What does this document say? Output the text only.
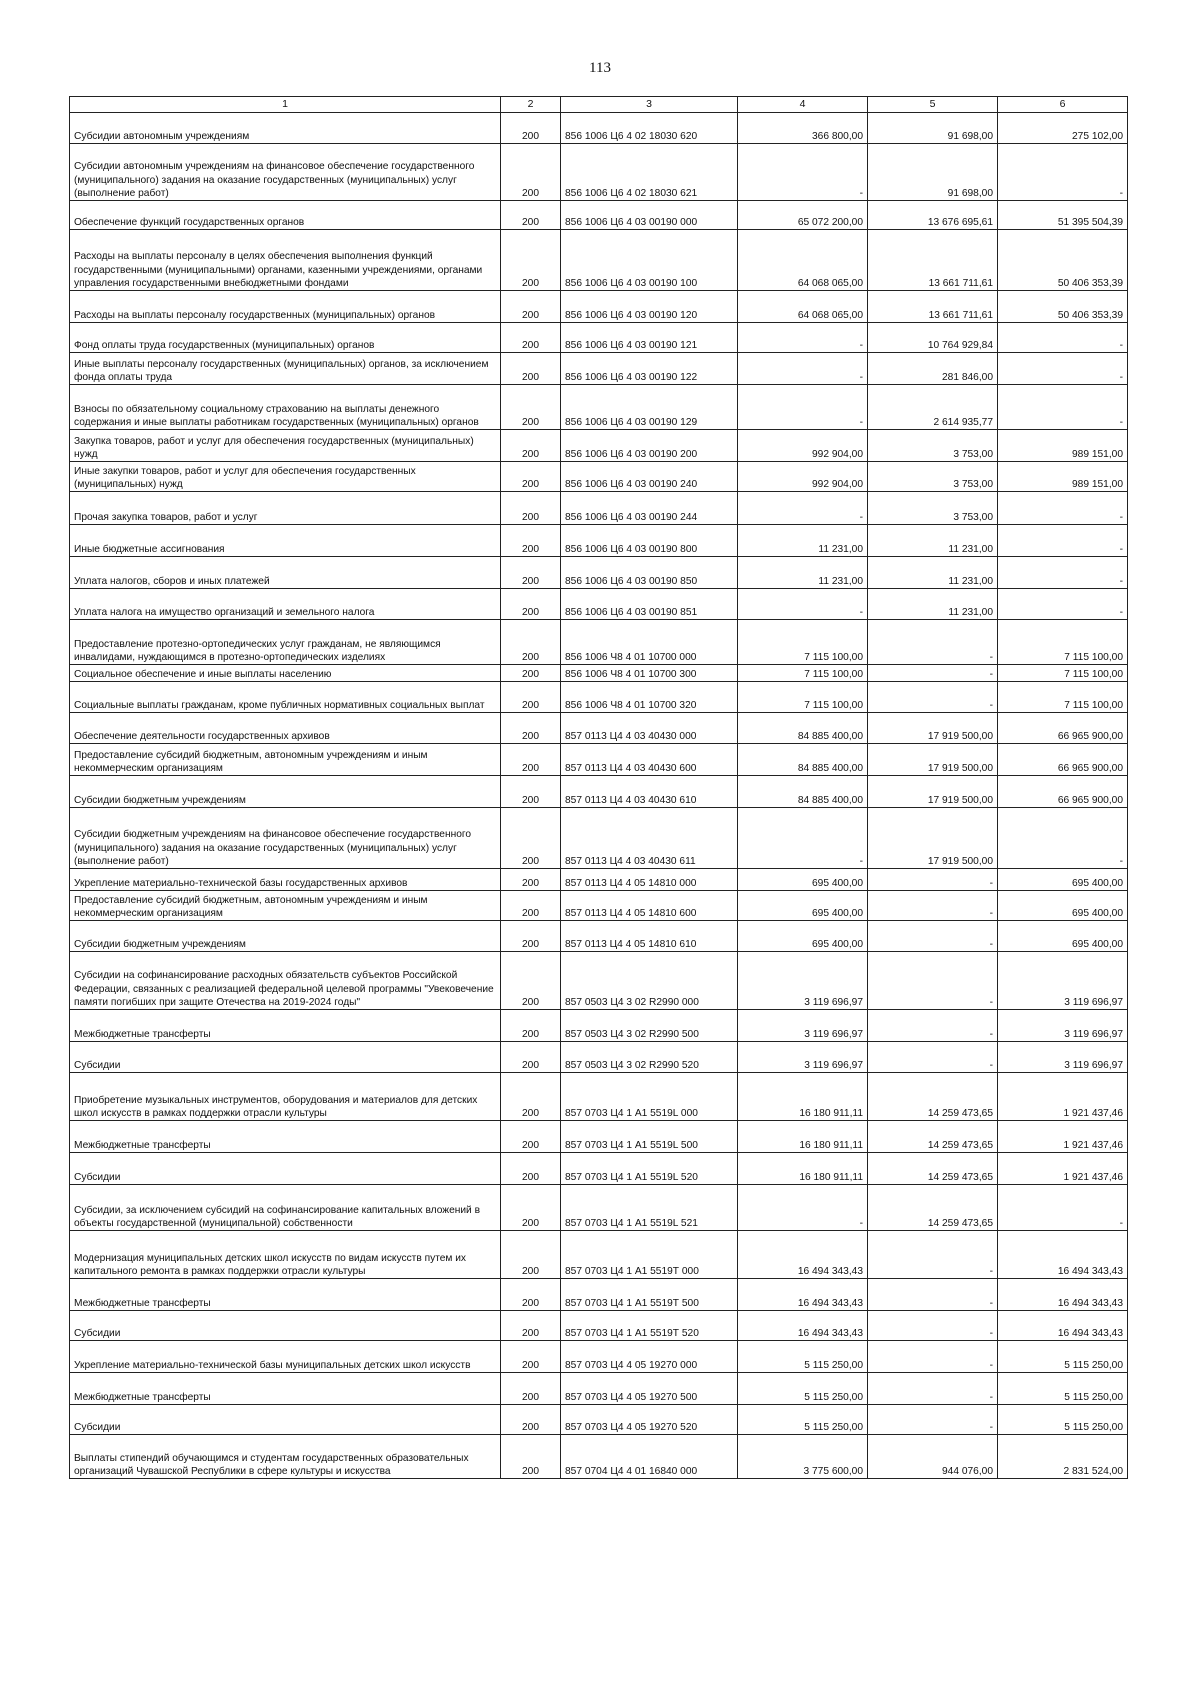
113
1	2	3	4	5	6
Субсидии автономным учреждениям	200	856 1006 Ц6 4 02 18030 620	366 800,00	91 698,00	275 102,00
Субсидии автономным учреждениям на финансовое обеспечение государственного (муниципального) задания на оказание государственных (муниципальных) услуг (выполнение работ)	200	856 1006 Ц6 4 02 18030 621	-	91 698,00	-
Обеспечение функций государственных органов	200	856 1006 Ц6 4 03 00190 000	65 072 200,00	13 676 695,61	51 395 504,39
Расходы на выплаты персоналу в целях обеспечения выполнения функций государственными (муниципальными) органами, казенными учреждениями, органами управления государственными внебюджетными фондами	200	856 1006 Ц6 4 03 00190 100	64 068 065,00	13 661 711,61	50 406 353,39
Расходы на выплаты персоналу государственных (муниципальных) органов	200	856 1006 Ц6 4 03 00190 120	64 068 065,00	13 661 711,61	50 406 353,39
Фонд оплаты труда государственных (муниципальных) органов	200	856 1006 Ц6 4 03 00190 121	-	10 764 929,84	-
Иные выплаты персоналу государственных (муниципальных) органов, за исключением фонда оплаты труда	200	856 1006 Ц6 4 03 00190 122	-	281 846,00	-
Взносы по обязательному социальному страхованию на выплаты денежного содержания и иные выплаты работникам государственных (муниципальных) органов	200	856 1006 Ц6 4 03 00190 129	-	2 614 935,77	-
Закупка товаров, работ и услуг для обеспечения государственных (муниципальных) нужд	200	856 1006 Ц6 4 03 00190 200	992 904,00	3 753,00	989 151,00
Иные закупки товаров, работ и услуг для обеспечения государственных (муниципальных) нужд	200	856 1006 Ц6 4 03 00190 240	992 904,00	3 753,00	989 151,00
Прочая закупка товаров, работ и услуг	200	856 1006 Ц6 4 03 00190 244	-	3 753,00	-
Иные бюджетные ассигнования	200	856 1006 Ц6 4 03 00190 800	11 231,00	11 231,00	-
Уплата налогов, сборов и иных платежей	200	856 1006 Ц6 4 03 00190 850	11 231,00	11 231,00	-
Уплата налога на имущество организаций и земельного налога	200	856 1006 Ц6 4 03 00190 851	-	11 231,00	-
Предоставление протезно-ортопедических услуг гражданам, не являющимся инвалидами, нуждающимся в протезно-ортопедических изделиях	200	856 1006 Ч8 4 01 10700 000	7 115 100,00	-	7 115 100,00
Социальное обеспечение и иные выплаты населению	200	856 1006 Ч8 4 01 10700 300	7 115 100,00	-	7 115 100,00
Социальные выплаты гражданам, кроме публичных нормативных социальных выплат	200	856 1006 Ч8 4 01 10700 320	7 115 100,00	-	7 115 100,00
Обеспечение деятельности государственных архивов	200	857 0113 Ц4 4 03 40430 000	84 885 400,00	17 919 500,00	66 965 900,00
Предоставление субсидий бюджетным, автономным учреждениям и иным некоммерческим организациям	200	857 0113 Ц4 4 03 40430 600	84 885 400,00	17 919 500,00	66 965 900,00
Субсидии бюджетным учреждениям	200	857 0113 Ц4 4 03 40430 610	84 885 400,00	17 919 500,00	66 965 900,00
Субсидии бюджетным учреждениям на финансовое обеспечение государственного (муниципального) задания на оказание государственных (муниципальных) услуг (выполнение работ)	200	857 0113 Ц4 4 03 40430 611	-	17 919 500,00	-
Укрепление материально-технической базы государственных архивов	200	857 0113 Ц4 4 05 14810 000	695 400,00	-	695 400,00
Предоставление субсидий бюджетным, автономным учреждениям и иным некоммерческим организациям	200	857 0113 Ц4 4 05 14810 600	695 400,00	-	695 400,00
Субсидии бюджетным учреждениям	200	857 0113 Ц4 4 05 14810 610	695 400,00	-	695 400,00
Субсидии на софинансирование расходных обязательств субъектов Российской Федерации, связанных с реализацией федеральной целевой программы "Увековечение памяти погибших при защите Отечества на 2019-2024 годы"	200	857 0503 Ц4 3 02 R2990 000	3 119 696,97	-	3 119 696,97
Межбюджетные трансферты	200	857 0503 Ц4 3 02 R2990 500	3 119 696,97	-	3 119 696,97
Субсидии	200	857 0503 Ц4 3 02 R2990 520	3 119 696,97	-	3 119 696,97
Приобретение музыкальных инструментов, оборудования и материалов для детских школ искусств в рамках поддержки отрасли культуры	200	857 0703 Ц4 1 А1 5519L 000	16 180 911,11	14 259 473,65	1 921 437,46
Межбюджетные трансферты	200	857 0703 Ц4 1 А1 5519L 500	16 180 911,11	14 259 473,65	1 921 437,46
Субсидии	200	857 0703 Ц4 1 А1 5519L 520	16 180 911,11	14 259 473,65	1 921 437,46
Субсидии, за исключением субсидий на софинансирование капитальных вложений в объекты государственной (муниципальной) собственности	200	857 0703 Ц4 1 А1 5519L 521	-	14 259 473,65	-
Модернизация муниципальных детских школ искусств по видам искусств путем их капитального ремонта в рамках поддержки отрасли культуры	200	857 0703 Ц4 1 А1 5519Т 000	16 494 343,43	-	16 494 343,43
Межбюджетные трансферты	200	857 0703 Ц4 1 А1 5519Т 500	16 494 343,43	-	16 494 343,43
Субсидии	200	857 0703 Ц4 1 А1 5519Т 520	16 494 343,43	-	16 494 343,43
Укрепление материально-технической базы муниципальных детских школ искусств	200	857 0703 Ц4 4 05 19270 000	5 115 250,00	-	5 115 250,00
Межбюджетные трансферты	200	857 0703 Ц4 4 05 19270 500	5 115 250,00	-	5 115 250,00
Субсидии	200	857 0703 Ц4 4 05 19270 520	5 115 250,00	-	5 115 250,00
Выплаты стипендий обучающимся и студентам государственных образовательных организаций Чувашской Республики в сфере культуры и искусства	200	857 0704 Ц4 4 01 16840 000	3 775 600,00	944 076,00	2 831 524,00
